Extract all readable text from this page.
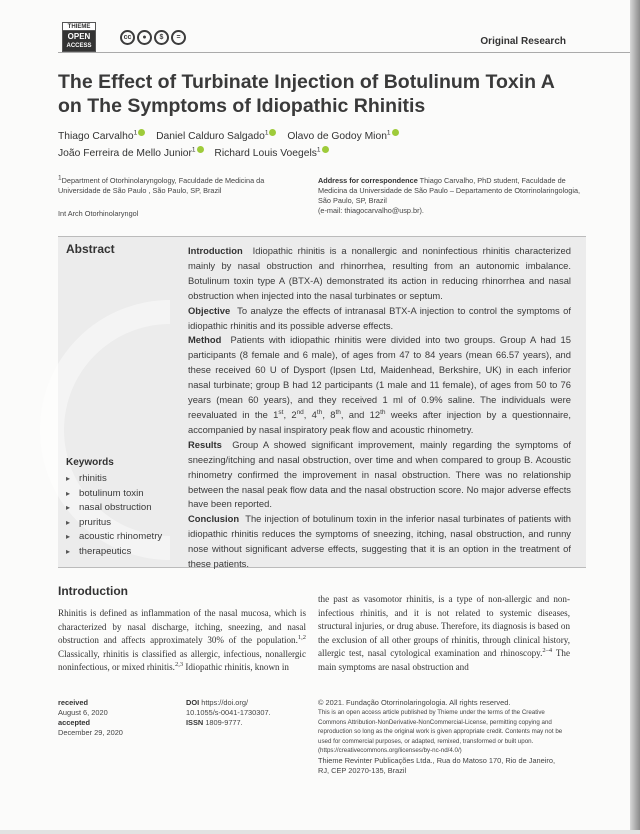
THIEME
OPEN
ACCESS
cc	●	$	=	Original Research
The Effect of Turbinate Injection of Botulinum Toxin A on The Symptoms of Idiopathic Rhinitis
Thiago Carvalho$^1$ Daniel Calduro Salgado$^1$ Olavo de Godoy Mion$^1$
João Ferreira de Mello Junior$^1$ Richard Louis Voegels$^1$
$^1$Department of Otorhinolaryngology, Faculdade de Medicina da Universidade de São Paulo , São Paulo, SP, Brazil
Int Arch Otorhinolaryngol
Address for correspondence Thiago Carvalho, PhD student, Faculdade de Medicina da Universidade de São Paulo – Departamento de Otorrinolaringologia, São Paulo, SP, Brazil
(e-mail: thiagocarvalho@usp.br).
Abstract	Introduction Idiopathic rhinitis is a nonallergic and noninfectious rhinitis characterized mainly by nasal obstruction and rhinorrhea, resulting from an autonomic imbalance. Botulinum toxin type A (BTX-A) demonstrated its action in reducing rhinorrhea and nasal obstruction when injected into the nasal turbinates or septum.
Objective To analyze the effects of intranasal BTX-A injection to control the symptoms of idiopathic rhinitis and its possible adverse effects.
Method Patients with idiopathic rhinitis were divided into two groups. Group A had 15 participants (8 female and 6 male), of ages from 47 to 84 years (mean 66.57 years), and these received 60 U of Dysport (Ipsen Ltd, Maidenhead, Berkshire, UK) in each inferior nasal turbinate; group B had 12 participants (1 male and 11 female), of ages from 50 to 76 years (mean 60 years), and they received 1 ml of 0.9% saline. The individuals were reevaluated in the 1st, 2nd, 4th, 8th, and 12th weeks after injection by a questionnaire, accompanied by nasal inspiratory peak flow and acoustic rhinometry.
Results Group A showed significant improvement, mainly regarding the symptoms of sneezing/itching and nasal obstruction, over time and when compared to group B. Acoustic rhinometry confirmed the improvement in nasal obstruction. There was no relationship between the nasal peak flow data and the nasal obstruction score. No major adverse effects have been reported.
Conclusion The injection of botulinum toxin in the inferior nasal turbinates of patients with idiopathic rhinitis reduces the symptoms of sneezing, itching, nasal obstruction, and runny nose without significant adverse effects, suggesting that it is an option in the treatment of these patients.
Keywords
▸ rhinitis
▸ botulinum toxin
▸ nasal obstruction
▸ pruritus
▸ acoustic rhinometry
▸ therapeutics
Introduction
Rhinitis is defined as inflammation of the nasal mucosa, which is characterized by nasal discharge, itching, sneezing, and nasal obstruction and affects approximately 30% of the population.$^{1,2}$ Classically, rhinitis is classified as allergic, infectious, nonallergic noninfectious, or mixed rhinitis.$^{2,3}$ Idiopathic rhinitis, known in
the past as vasomotor rhinitis, is a type of non-allergic and non-infectious rhinitis, and it is not related to systemic diseases, structural injuries, or drug abuse. Therefore, its diagnosis is based on the exclusion of all other groups of rhinitis, through clinical history, allergic test, nasal cytological examination and rhinoscopy.$^{2-4}$ The main symptoms are nasal obstruction and
received
August 6, 2020
accepted
December 29, 2020
DOI https://doi.org/
10.1055/s-0041-1730307.
ISSN 1809-9777.
© 2021. Fundação Otorrinolaringologia. All rights reserved.
This is an open access article published by Thieme under the terms of the Creative Commons Attribution-NonDerivative-NonCommercial-License, permitting copying and reproduction so long as the original work is given appropriate credit. Contents may not be used for commercial purposes, or adapted, remixed, transformed or built upon. (https://creativecommons.org/licenses/by-nc-nd/4.0/)
Thieme Revinter Publicações Ltda., Rua do Matoso 170, Rio de Janeiro, RJ, CEP 20270-135, Brazil
